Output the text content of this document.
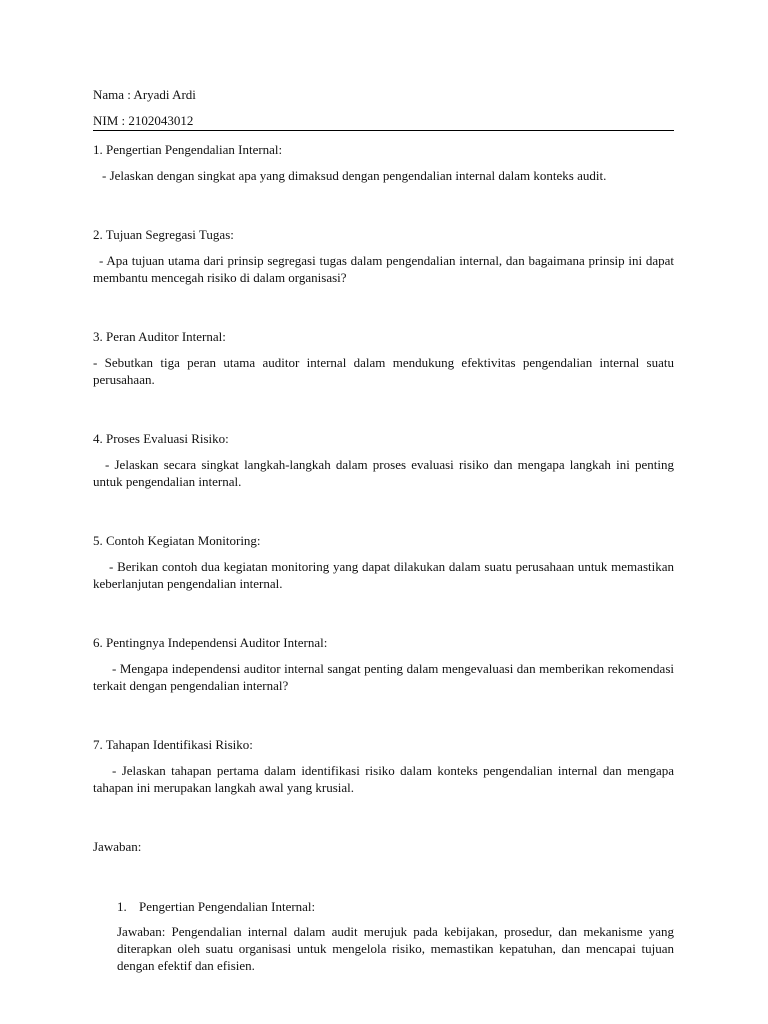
Nama : Aryadi Ardi

NIM : 2102043012

1. Pengertian Pengendalian Internal:

- Jelaskan dengan singkat apa yang dimaksud dengan pengendalian internal dalam konteks audit.

2. Tujuan Segregasi Tugas:

- Apa tujuan utama dari prinsip segregasi tugas dalam pengendalian internal, dan bagaimana prinsip ini dapat membantu mencegah risiko di dalam organisasi?

3. Peran Auditor Internal:

- Sebutkan tiga peran utama auditor internal dalam mendukung efektivitas pengendalian internal suatu perusahaan.

4. Proses Evaluasi Risiko:

- Jelaskan secara singkat langkah-langkah dalam proses evaluasi risiko dan mengapa langkah ini penting untuk pengendalian internal.

5. Contoh Kegiatan Monitoring:

- Berikan contoh dua kegiatan monitoring yang dapat dilakukan dalam suatu perusahaan untuk memastikan keberlanjutan pengendalian internal.

6. Pentingnya Independensi Auditor Internal:

- Mengapa independensi auditor internal sangat penting dalam mengevaluasi dan memberikan rekomendasi terkait dengan pengendalian internal?

7. Tahapan Identifikasi Risiko:

- Jelaskan tahapan pertama dalam identifikasi risiko dalam konteks pengendalian internal dan mengapa tahapan ini merupakan langkah awal yang krusial.

Jawaban:

1. Pengertian Pengendalian Internal:

Jawaban: Pengendalian internal dalam audit merujuk pada kebijakan, prosedur, dan mekanisme yang diterapkan oleh suatu organisasi untuk mengelola risiko, memastikan kepatuhan, dan mencapai tujuan dengan efektif dan efisien.
